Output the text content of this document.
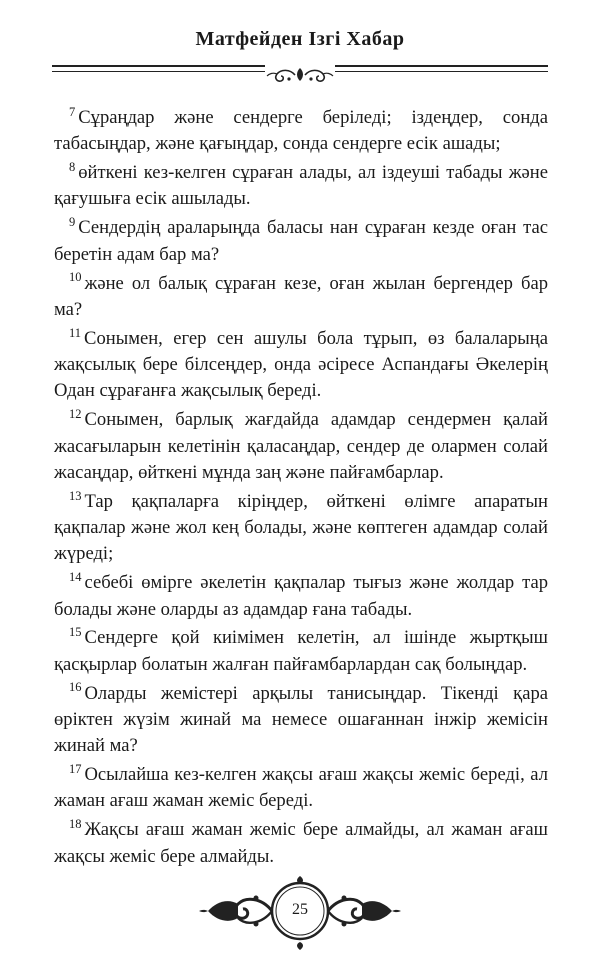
Матфейден Ізгі Хабар

$^7$ Сұраңдар және сендерге беріледі; іздеңдер, сонда табасыңдар, және қағыңдар, сонда сендерге есік ашады;

$^8$ өйткені кез-келген сұраған алады, ал іздеуші табады және қағушыға есік ашылады.

$^9$ Сендердің араларыңда баласы нан сұраған кезде оған тас беретін адам бар ма?

$^{10}$ және ол балық сұраған кезе, оған жылан бергендер бар ма?

$^{11}$ Сонымен, егер сен ашулы бола тұрып, өз балаларыңа жақсылық бере білсеңдер, онда әсіресе Аспандағы Әкелерің Одан сұрағанға жақсылық береді.

$^{12}$ Сонымен, барлық жағдайда адамдар сендермен қалай жасағыларын келетінін қаласаңдар, сендер де олармен солай жасаңдар, өйткені мұнда заң және пайғамбарлар.

$^{13}$ Тар қақпаларға кіріңдер, өйткені өлімге апаратын қақпалар және жол кең болады, және көптеген адамдар солай жүреді;

$^{14}$ себебі өмірге әкелетін қақпалар тығыз және жолдар тар болады және оларды аз адамдар ғана табады.

$^{15}$ Сендерге қой киімімен келетін, ал ішінде жыртқыш қасқырлар болатын жалған пайғамбарлардан сақ болыңдар.

$^{16}$ Оларды жемістері арқылы танисыңдар. Тікенді қара өріктен жүзім жинай ма немесе ошағаннан інжір жемісін жинай ма?

$^{17}$ Осылайша кез-келген жақсы ағаш жақсы жеміс береді, ал жаман ағаш жаман жеміс береді.

$^{18}$ Жақсы ағаш жаман жеміс бере алмайды, ал жаман ағаш жақсы жеміс бере алмайды.

25
